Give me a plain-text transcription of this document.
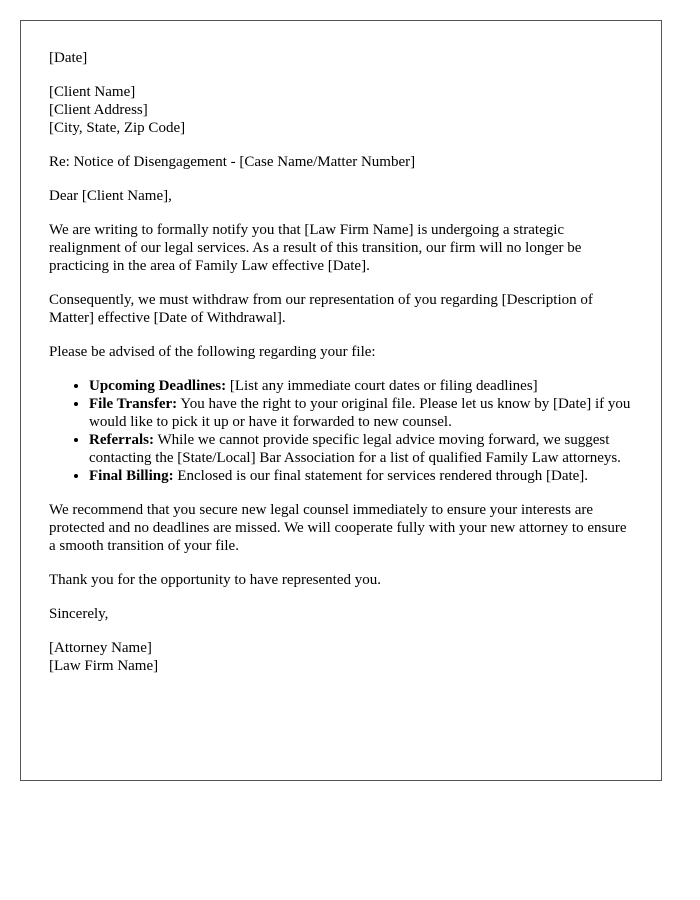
[Date]

[Client Name]
[Client Address]
[City, State, Zip Code]

Re: Notice of Disengagement - [Case Name/Matter Number]

Dear [Client Name],

We are writing to formally notify you that [Law Firm Name] is undergoing a strategic realignment of our legal services. As a result of this transition, our firm will no longer be practicing in the area of Family Law effective [Date].

Consequently, we must withdraw from our representation of you regarding [Description of Matter] effective [Date of Withdrawal].

Please be advised of the following regarding your file:

• Upcoming Deadlines: [List any immediate court dates or filing deadlines]
• File Transfer: You have the right to your original file. Please let us know by [Date] if you would like to pick it up or have it forwarded to new counsel.
• Referrals: While we cannot provide specific legal advice moving forward, we suggest contacting the [State/Local] Bar Association for a list of qualified Family Law attorneys.
• Final Billing: Enclosed is our final statement for services rendered through [Date].

We recommend that you secure new legal counsel immediately to ensure your interests are protected and no deadlines are missed. We will cooperate fully with your new attorney to ensure a smooth transition of your file.

Thank you for the opportunity to have represented you.

Sincerely,

[Attorney Name]
[Law Firm Name]
